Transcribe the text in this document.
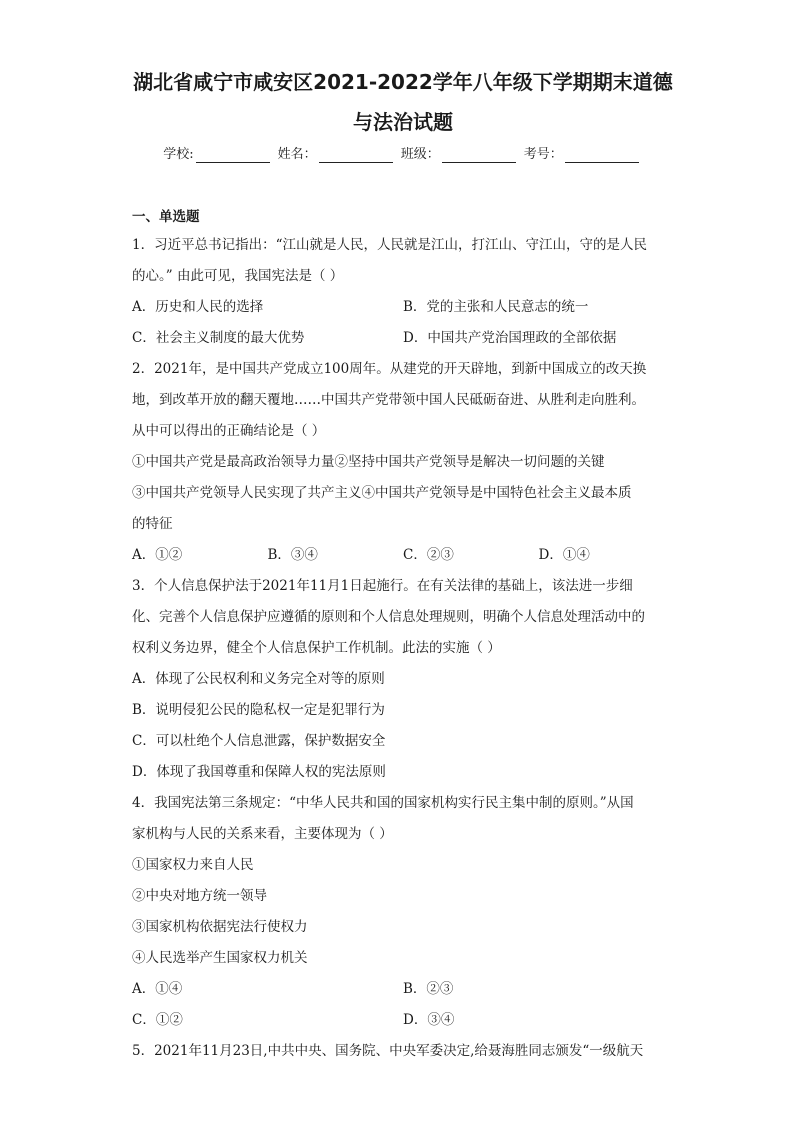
湖北省咸宁市咸安区2021-2022学年八年级下学期期末道德
与法治试题
学校:	姓名：	班级：	考号：
一、单选题

1．习近平总书记指出：“江山就是人民，人民就是江山，打江山、守江山，守的是人民

的心。” 由此可见，我国宪法是（ ）

A．历史和人民的选择	B．党的主张和人民意志的统一
C．社会主义制度的最大优势	D．中国共产党治国理政的全部依据

2．2021年，是中国共产党成立100周年。从建党的开天辟地，到新中国成立的改天换

地，到改革开放的翻天覆地……中国共产党带领中国人民砥砺奋进、从胜利走向胜利。

从中可以得出的正确结论是（ ）

①中国共产党是最高政治领导力量②坚持中国共产党领导是解决一切问题的关键

③中国共产党领导人民实现了共产主义④中国共产党领导是中国特色社会主义最本质

的特征

A．①②	B．③④	C．②③	D．①④

3．个人信息保护法于2021年11月1日起施行。在有关法律的基础上，该法进一步细

化、完善个人信息保护应遵循的原则和个人信息处理规则，明确个人信息处理活动中的

权利义务边界，健全个人信息保护工作机制。此法的实施（ ）

A．体现了公民权利和义务完全对等的原则

B．说明侵犯公民的隐私权一定是犯罪行为

C．可以杜绝个人信息泄露，保护数据安全

D．体现了我国尊重和保障人权的宪法原则

4．我国宪法第三条规定：“中华人民共和国的国家机构实行民主集中制的原则。”从国

家机构与人民的关系来看，主要体现为（ ）

①国家权力来自人民

②中央对地方统一领导

③国家机构依据宪法行使权力

④人民选举产生国家权力机关

A．①④	B．②③
C．①②	D．③④

5．2021年11月23日,中共中央、国务院、中央军委决定,给聂海胜同志颁发“一级航天
